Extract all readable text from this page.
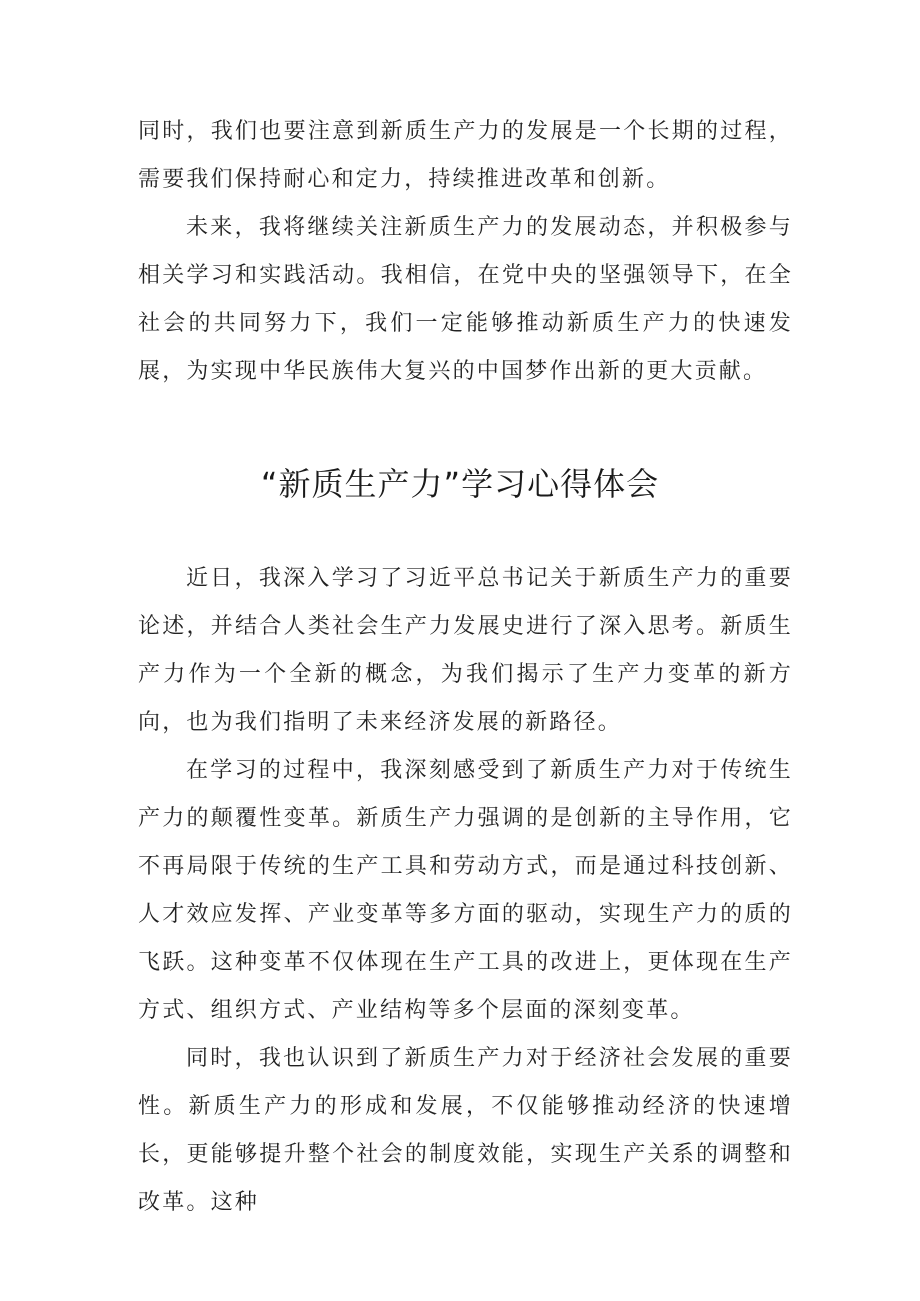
同时，我们也要注意到新质生产力的发展是一个长期的过程，需要我们保持耐心和定力，持续推进改革和创新。

未来，我将继续关注新质生产力的发展动态，并积极参与相关学习和实践活动。我相信，在党中央的坚强领导下，在全社会的共同努力下，我们一定能够推动新质生产力的快速发展，为实现中华民族伟大复兴的中国梦作出新的更大贡献。

“新质生产力”学习心得体会

近日，我深入学习了习近平总书记关于新质生产力的重要论述，并结合人类社会生产力发展史进行了深入思考。新质生产力作为一个全新的概念，为我们揭示了生产力变革的新方向，也为我们指明了未来经济发展的新路径。

在学习的过程中，我深刻感受到了新质生产力对于传统生产力的颠覆性变革。新质生产力强调的是创新的主导作用，它不再局限于传统的生产工具和劳动方式，而是通过科技创新、人才效应发挥、产业变革等多方面的驱动，实现生产力的质的飞跃。这种变革不仅体现在生产工具的改进上，更体现在生产方式、组织方式、产业结构等多个层面的深刻变革。

同时，我也认识到了新质生产力对于经济社会发展的重要性。新质生产力的形成和发展，不仅能够推动经济的快速增长，更能够提升整个社会的制度效能，实现生产关系的调整和改革。这种
